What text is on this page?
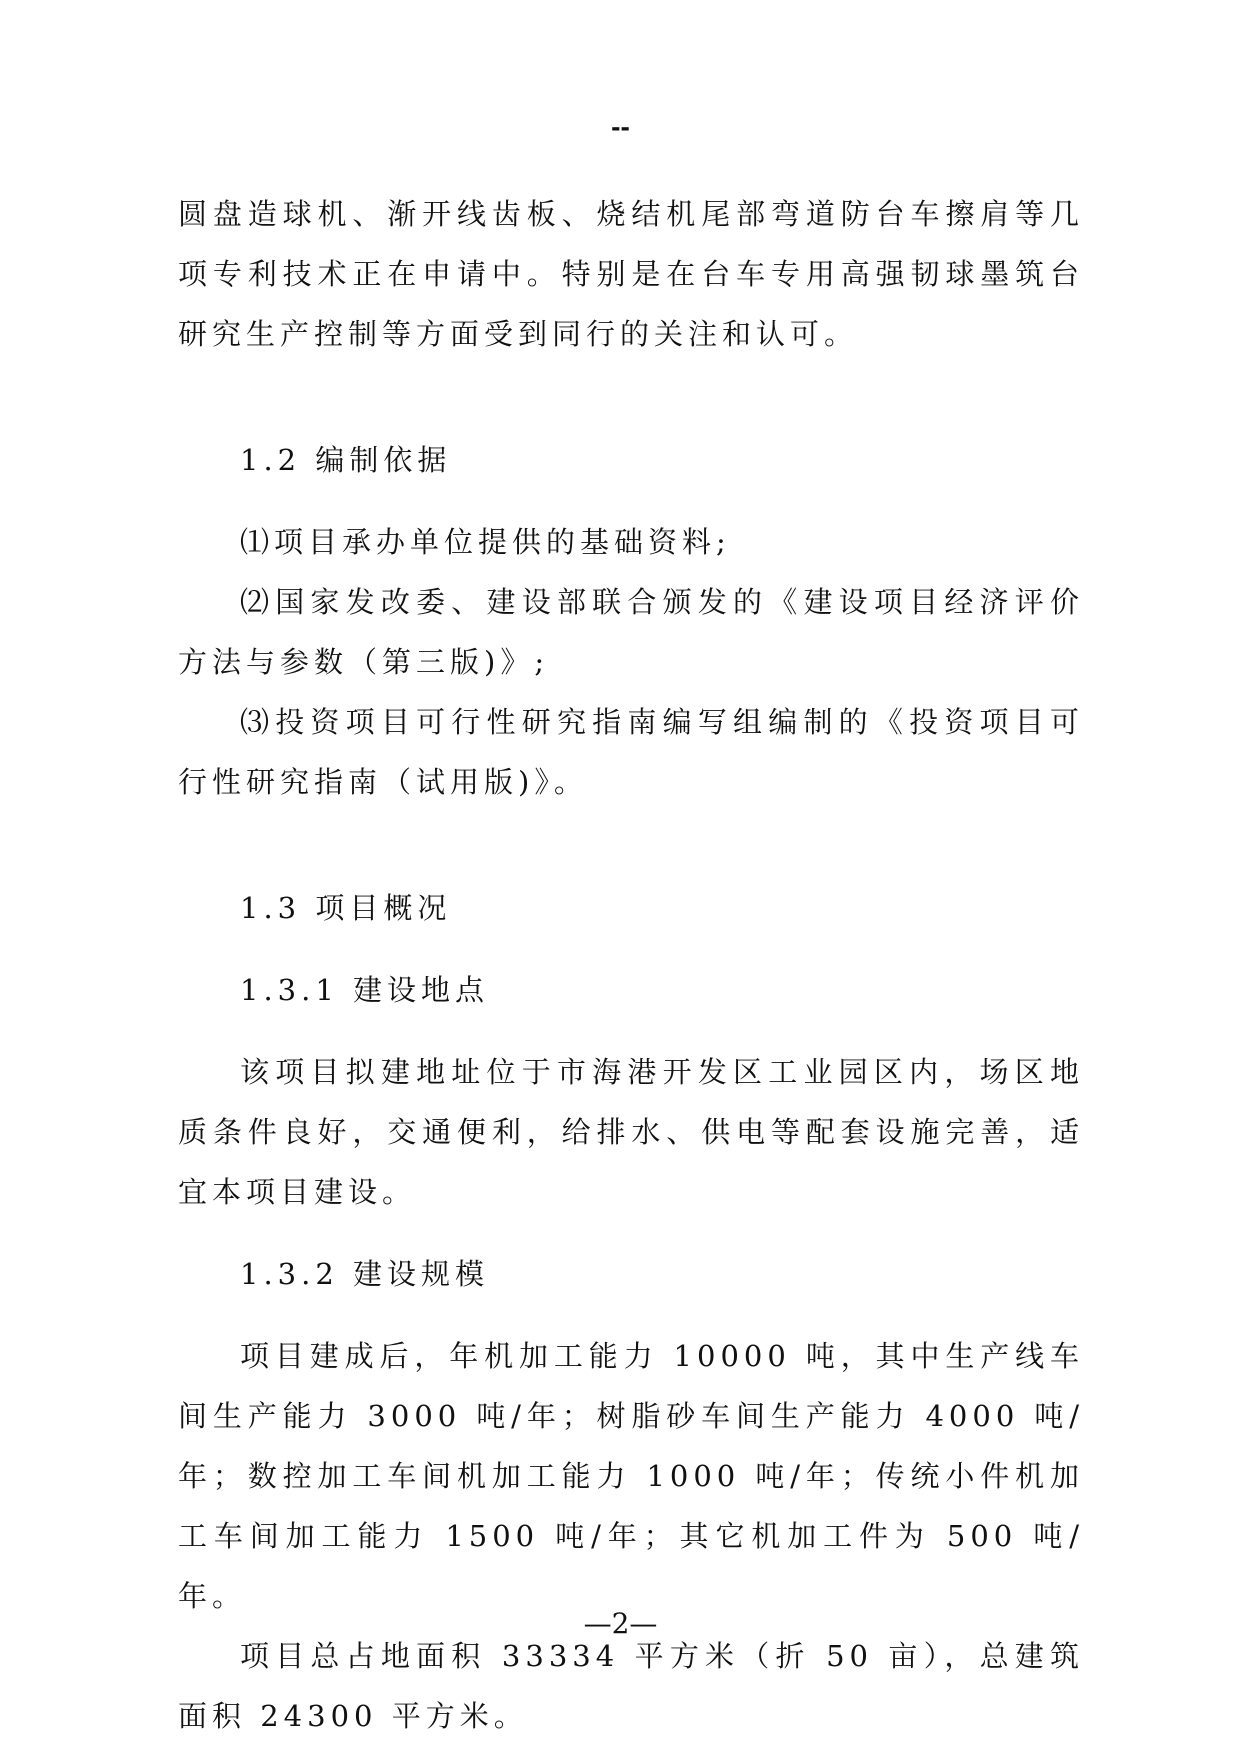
--

圆盘造球机、渐开线齿板、烧结机尾部弯道防台车擦肩等几项专利技术正在申请中。特别是在台车专用高强韧球墨筑台研究生产控制等方面受到同行的关注和认可。

1.2 编制依据

⑴项目承办单位提供的基础资料;

⑵国家发改委、建设部联合颁发的《建设项目经济评价方法与参数（第三版)》;

⑶投资项目可行性研究指南编写组编制的《投资项目可行性研究指南（试用版)》。

1.3 项目概况

1.3.1 建设地点

该项目拟建地址位于市海港开发区工业园区内，场区地质条件良好，交通便利，给排水、供电等配套设施完善，适宜本项目建设。

1.3.2 建设规模

项目建成后，年机加工能力 10000 吨，其中生产线车间生产能力 3000 吨/年；树脂砂车间生产能力 4000 吨/年；数控加工车间机加工能力 1000 吨/年；传统小件机加工车间加工能力 1500 吨/年；其它机加工件为 500 吨/年。

项目总占地面积 33334 平方米（折 50 亩），总建筑面积 24300 平方米。

—2—
